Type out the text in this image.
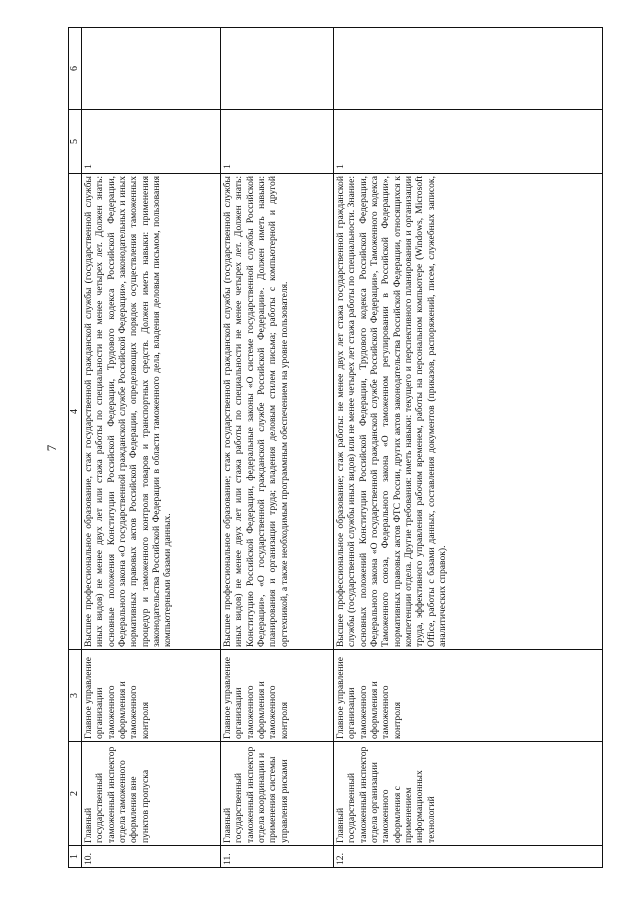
7
1	2	3	4	5	6
10.	Главный государственный таможенный инспектор отдела таможенного оформления вне пунктов пропуска	Главное управление организации таможенного оформления и таможенного контроля	Высшее профессиональное образование, стаж государственной гражданской службы (государственной службы иных видов) не менее двух лет или стажа работы по специальности не менее четырех лет. Должен знать: основные положения Конституции Российской Федерации, Трудового кодекса Российской Федерации, Федерального закона «О государственной гражданской службе Российской Федерации», законодательных и иных нормативных правовых актов Российской Федерации, определяющих порядок осуществления таможенных процедур и таможенного контроля товаров и транспортных средств. Должен иметь навыки: применения законодательства Российской Федерации в области таможенного дела, владения деловым письмом, пользования компьютерными базами данных.	1	
11.	Главный государственный таможенный инспектор отдела координации и применения системы управления рисками	Главное управление организации таможенного оформления и таможенного контроля	Высшее профессиональное образование; стаж государственной гражданской службы (государственной службы иных видов) не менее двух лет или стажа работы по специальности не менее четырех лет. Должен знать: Конституцию Российской Федерации, федеральные законы «О системе государственной службы Российской Федерации», «О государственной гражданской службе Российской Федерации». Должен иметь навыки: планирования и организации труда; владения деловым стилем письма; работы с компьютерной и другой оргтехникой, а также необходимым программным обеспечением на уровне пользователя.	1	
12.	Главный государственный таможенный инспектор отдела организации таможенного оформления с применением информационных технологий	Главное управление организации таможенного оформления и таможенного контроля	Высшее профессиональное образование; стаж работы: не менее двух лет стажа государственной гражданской службы (государственной службы иных видов) или не менее четырех лет стажа работы по специальности. Знание: основных положений Конституции Российской Федерации, Трудового кодекса Российской Федерации, Федерального закона «О государственной гражданской службе Российской Федерации», Таможенного кодекса Таможенного союза, Федерального закона «О таможенном регулировании в Российской Федерации», нормативных правовых актов ФТС России, других актов законодательства Российской Федерации, относящихся к компетенции отдела. Другие требования: иметь навыки: текущего и перспективного планирования и организации труда, эффективного управления рабочим временем, работы на персональном компьютере (Windows, Microsoft Office, работы с базами данных, составления документов (приказов, распоряжений, писем, служебных записок, аналитических справок).	1	
